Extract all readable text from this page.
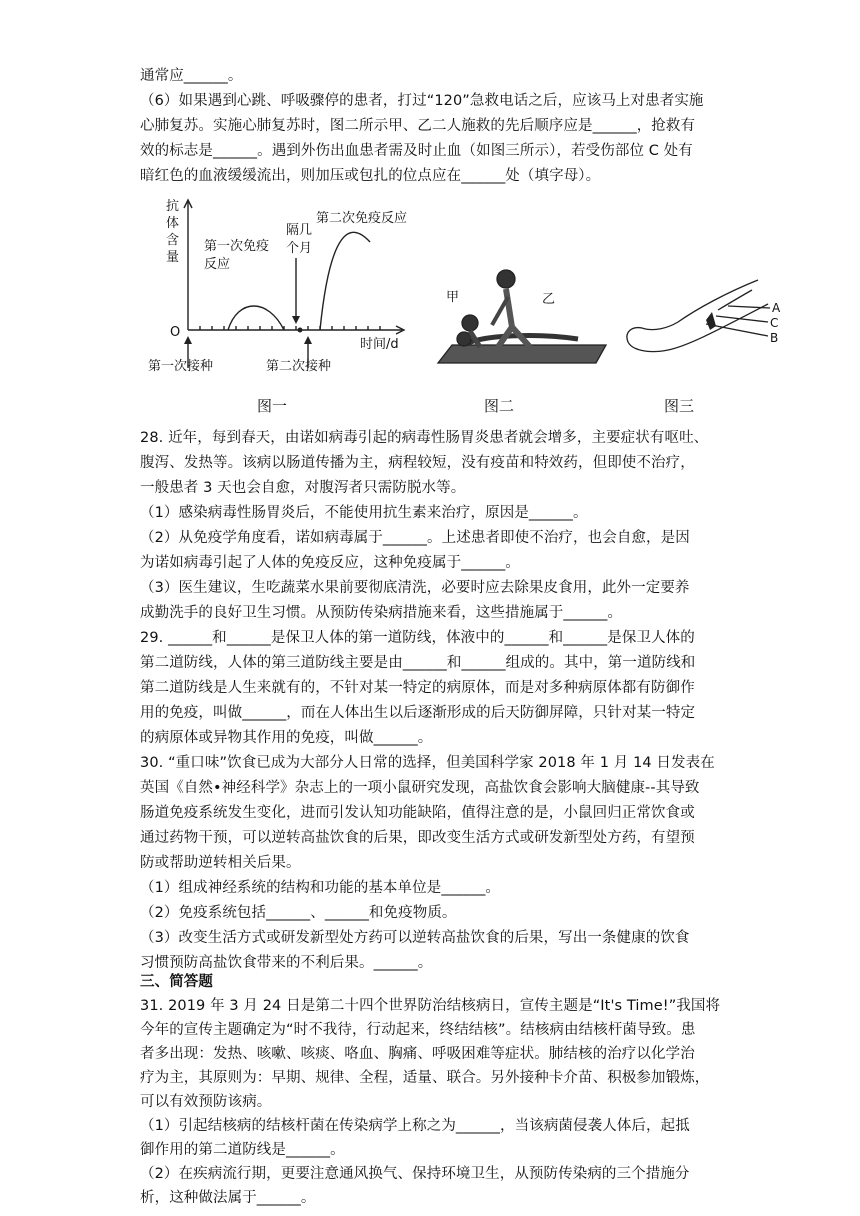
通常应______。
（6）如果遇到心跳、呼吸骤停的患者，打过“120”急救电话之后，应该马上对患者实施
心肺复苏。实施心肺复苏时，图二所示甲、乙二人施救的先后顺序应是______，抢救有
效的标志是______。遇到外伤出血患者需及时止血（如图三所示），若受伤部位 C 处有
暗红色的血液缓缓流出，则加压或包扎的位点应在______处（填字母）。
抗
体
含
量
O
时间/d
第一次免疫
反应
隔几
个月
第二次免疫反应
第一次接种	第二次接种
甲	乙
A
C
B
图一	图二	图三
28. 近年，每到春天，由诺如病毒引起的病毒性肠胃炎患者就会增多，主要症状有呕吐、
腹泻、发热等。该病以肠道传播为主，病程较短，没有疫苗和特效药，但即使不治疗，
一般患者 3 天也会自愈，对腹泻者只需防脱水等。
（1）感染病毒性肠胃炎后，不能使用抗生素来治疗，原因是______。
（2）从免疫学角度看，诺如病毒属于______。上述患者即使不治疗，也会自愈，是因
为诺如病毒引起了人体的免疫反应，这种免疫属于______。
（3）医生建议，生吃蔬菜水果前要彻底清洗，必要时应去除果皮食用，此外一定要养
成勤洗手的良好卫生习惯。从预防传染病措施来看，这些措施属于______。
29. ______和______是保卫人体的第一道防线，体液中的______和______是保卫人体的
第二道防线，人体的第三道防线主要是由______和______组成的。其中，第一道防线和
第二道防线是人生来就有的，不针对某一特定的病原体，而是对多种病原体都有防御作
用的免疫，叫做______，而在人体出生以后逐渐形成的后天防御屏障，只针对某一特定
的病原体或异物其作用的免疫，叫做______。
30. “重口味”饮食已成为大部分人日常的选择，但美国科学家 2018 年 1 月 14 日发表在
英国《自然•神经科学》杂志上的一项小鼠研究发现，高盐饮食会影响大脑健康--其导致
肠道免疫系统发生变化，进而引发认知功能缺陷，值得注意的是，小鼠回归正常饮食或
通过药物干预，可以逆转高盐饮食的后果，即改变生活方式或研发新型处方药，有望预
防或帮助逆转相关后果。
（1）组成神经系统的结构和功能的基本单位是______。
（2）免疫系统包括______、______和免疫物质。
（3）改变生活方式或研发新型处方药可以逆转高盐饮食的后果，写出一条健康的饮食
习惯预防高盐饮食带来的不利后果。______。
三、简答题
31. 2019 年 3 月 24 日是第二十四个世界防治结核病日，宣传主题是“It's Time!”我国将
今年的宣传主题确定为“时不我待，行动起来，终结结核”。结核病由结核杆菌导致。患
者多出现：发热、咳嗽、咳痰、咯血、胸痛、呼吸困难等症状。肺结核的治疗以化学治
疗为主，其原则为：早期、规律、全程，适量、联合。另外接种卡介苗、积极参加锻炼，
可以有效预防该病。
（1）引起结核病的结核杆菌在传染病学上称之为______，当该病菌侵袭人体后，起抵
御作用的第二道防线是______。
（2）在疾病流行期，更要注意通风换气、保持环境卫生，从预防传染病的三个措施分
析，这种做法属于______。
